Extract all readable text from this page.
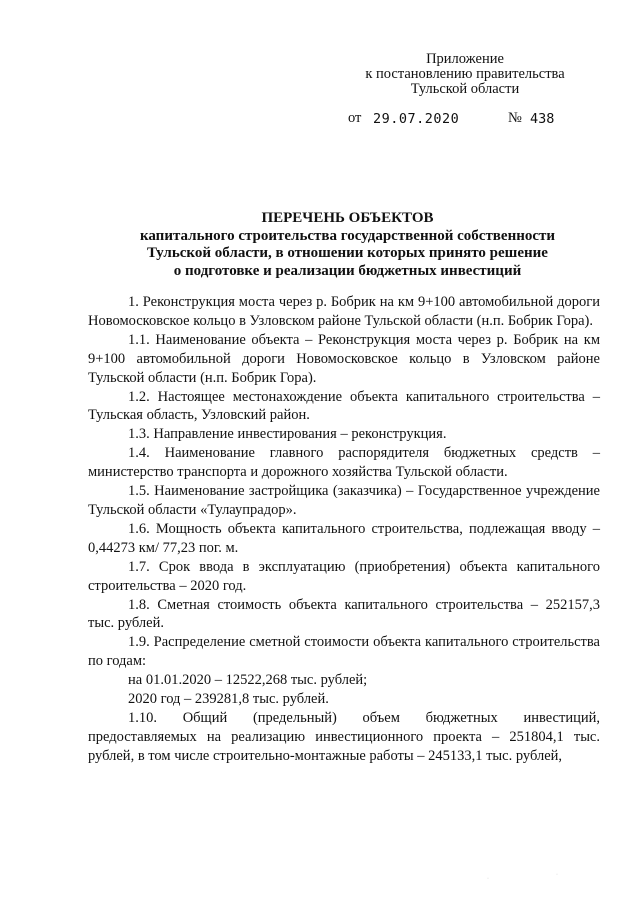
Приложение
к постановлению правительства
Тульской области
от 29.07.2020	№ 438
ПЕРЕЧЕНЬ ОБЪЕКТОВ
капитального строительства государственной собственности
Тульской области, в отношении которых принято решение
о подготовке и реализации бюджетных инвестиций

1. Реконструкция моста через р. Бобрик на км 9+100 автомобильной дороги Новомосковское кольцо в Узловском районе Тульской области (н.п. Бобрик Гора).

1.1. Наименование объекта – Реконструкция моста через р. Бобрик на км 9+100 автомобильной дороги Новомосковское кольцо в Узловском районе Тульской области (н.п. Бобрик Гора).

1.2. Настоящее местонахождение объекта капитального строительства – Тульская область, Узловский район.

1.3. Направление инвестирования – реконструкция.

1.4. Наименование главного распорядителя бюджетных средств – министерство транспорта и дорожного хозяйства Тульской области.

1.5. Наименование застройщика (заказчика) – Государственное учреждение Тульской области «Тулаупрадор».

1.6. Мощность объекта капитального строительства, подлежащая вводу – 0,44273 км/ 77,23 пог. м.

1.7. Срок ввода в эксплуатацию (приобретения) объекта капитального строительства – 2020 год.

1.8. Сметная стоимость объекта капитального строительства – 252157,3 тыс. рублей.

1.9. Распределение сметной стоимости объекта капитального строительства по годам:

на 01.01.2020 – 12522,268 тыс. рублей;

2020 год – 239281,8 тыс. рублей.

1.10. Общий (предельный) объем бюджетных инвестиций, предоставляемых на реализацию инвестиционного проекта – 251804,1 тыс. рублей, в том числе строительно-монтажные работы – 245133,1 тыс. рублей,

·
·
